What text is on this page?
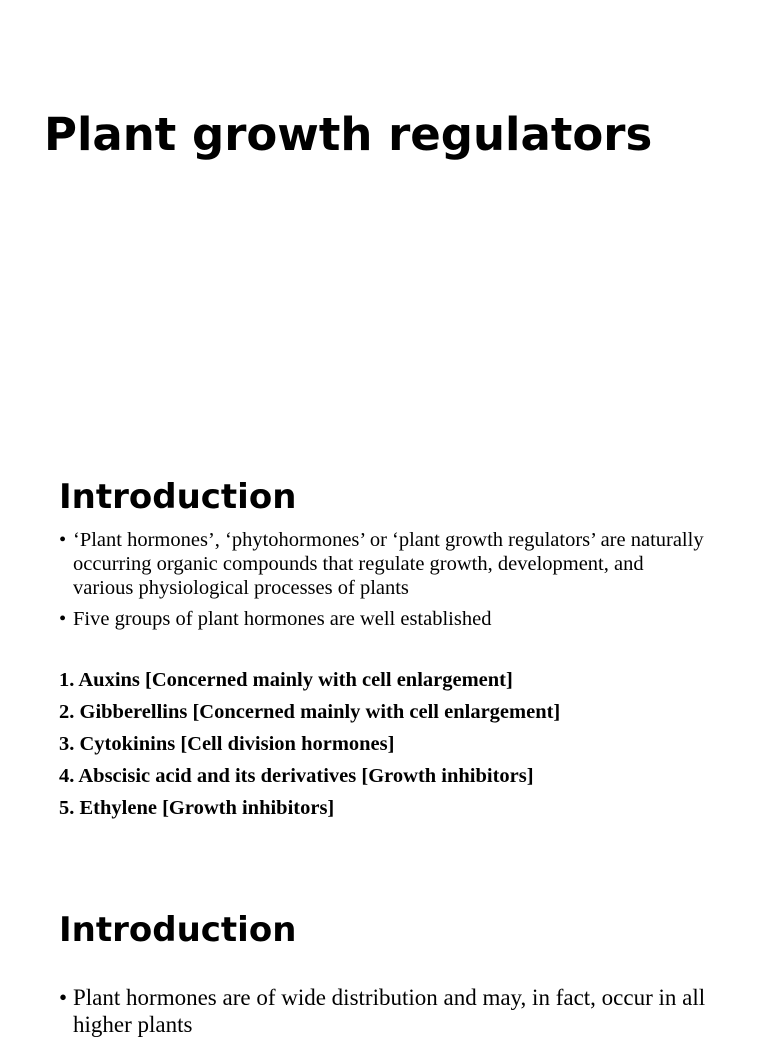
Plant growth regulators
Introduction
• ‘Plant hormones’, ‘phytohormones’ or ‘plant growth regulators’ are naturally occurring organic compounds that regulate growth, development, and various physiological processes of plants
• Five groups of plant hormones are well established
1. Auxins [Concerned mainly with cell enlargement]
2. Gibberellins [Concerned mainly with cell enlargement]
3. Cytokinins [Cell division hormones]
4. Abscisic acid and its derivatives [Growth inhibitors]
5. Ethylene [Growth inhibitors]
Introduction
• Plant hormones are of wide distribution and may, in fact, occur in all higher plants
